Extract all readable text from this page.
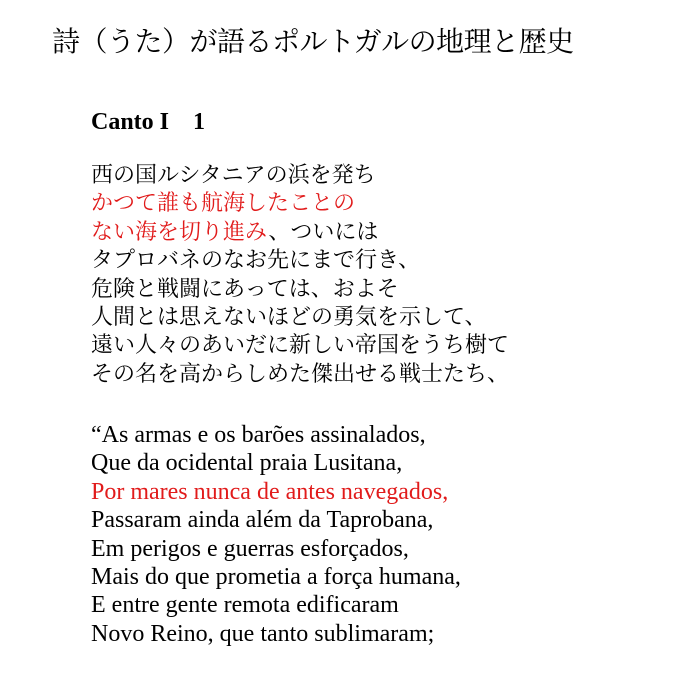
詩（うた）が語るポルトガルの地理と歴史
Canto I　1
西の国ルシタニアの浜を発ち
かつて誰も航海したことの
ない海を切り進み、ついには
タプロバネのなお先にまで行き、
危険と戦闘にあっては、およそ
人間とは思えないほどの勇気を示して、
遠い人々のあいだに新しい帝国をうち樹て
その名を高からしめた傑出せる戦士たち、
“As armas e os barões assinalados,
Que da ocidental praia Lusitana,
Por mares nunca de antes navegados,
Passaram ainda além da Taprobana,
Em perigos e guerras esforçados,
Mais do que prometia a força humana,
E entre gente remota edificaram
Novo Reino, que tanto sublimaram;
